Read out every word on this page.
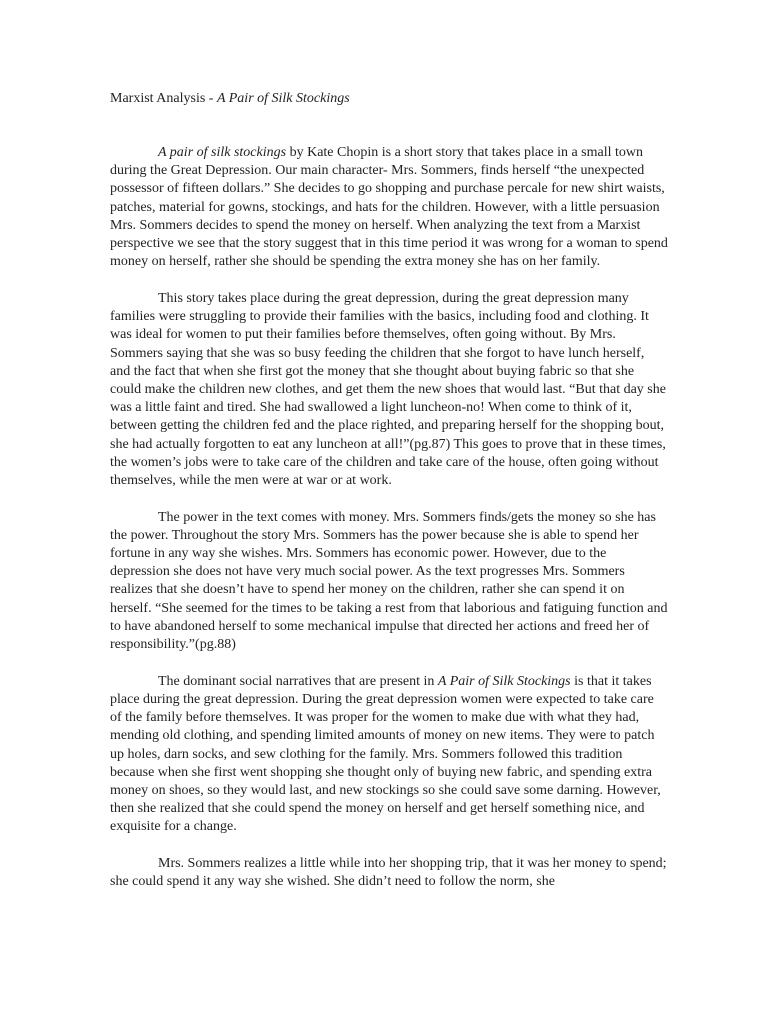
Marxist Analysis - A Pair of Silk Stockings

A pair of silk stockings by Kate Chopin is a short story that takes place in a small town during the Great Depression. Our main character- Mrs. Sommers, finds herself “the unexpected possessor of fifteen dollars.” She decides to go shopping and purchase percale for new shirt waists, patches, material for gowns, stockings, and hats for the children. However, with a little persuasion Mrs. Sommers decides to spend the money on herself. When analyzing the text from a Marxist perspective we see that the story suggest that in this time period it was wrong for a woman to spend money on herself, rather she should be spending the extra money she has on her family.

This story takes place during the great depression, during the great depression many families were struggling to provide their families with the basics, including food and clothing. It was ideal for women to put their families before themselves, often going without. By Mrs. Sommers saying that she was so busy feeding the children that she forgot to have lunch herself, and the fact that when she first got the money that she thought about buying fabric so that she could make the children new clothes, and get them the new shoes that would last. “But that day she was a little faint and tired. She had swallowed a light luncheon-no! When come to think of it, between getting the children fed and the place righted, and preparing herself for the shopping bout, she had actually forgotten to eat any luncheon at all!”(pg.87) This goes to prove that in these times, the women’s jobs were to take care of the children and take care of the house, often going without themselves, while the men were at war or at work.

The power in the text comes with money. Mrs. Sommers finds/gets the money so she has the power. Throughout the story Mrs. Sommers has the power because she is able to spend her fortune in any way she wishes. Mrs. Sommers has economic power. However, due to the depression she does not have very much social power. As the text progresses Mrs. Sommers realizes that she doesn’t have to spend her money on the children, rather she can spend it on herself. “She seemed for the times to be taking a rest from that laborious and fatiguing function and to have abandoned herself to some mechanical impulse that directed her actions and freed her of responsibility.”(pg.88)

The dominant social narratives that are present in A Pair of Silk Stockings is that it takes place during the great depression. During the great depression women were expected to take care of the family before themselves. It was proper for the women to make due with what they had, mending old clothing, and spending limited amounts of money on new items. They were to patch up holes, darn socks, and sew clothing for the family. Mrs. Sommers followed this tradition because when she first went shopping she thought only of buying new fabric, and spending extra money on shoes, so they would last, and new stockings so she could save some darning. However, then she realized that she could spend the money on herself and get herself something nice, and exquisite for a change.

Mrs. Sommers realizes a little while into her shopping trip, that it was her money to spend; she could spend it any way she wished. She didn’t need to follow the norm, she
